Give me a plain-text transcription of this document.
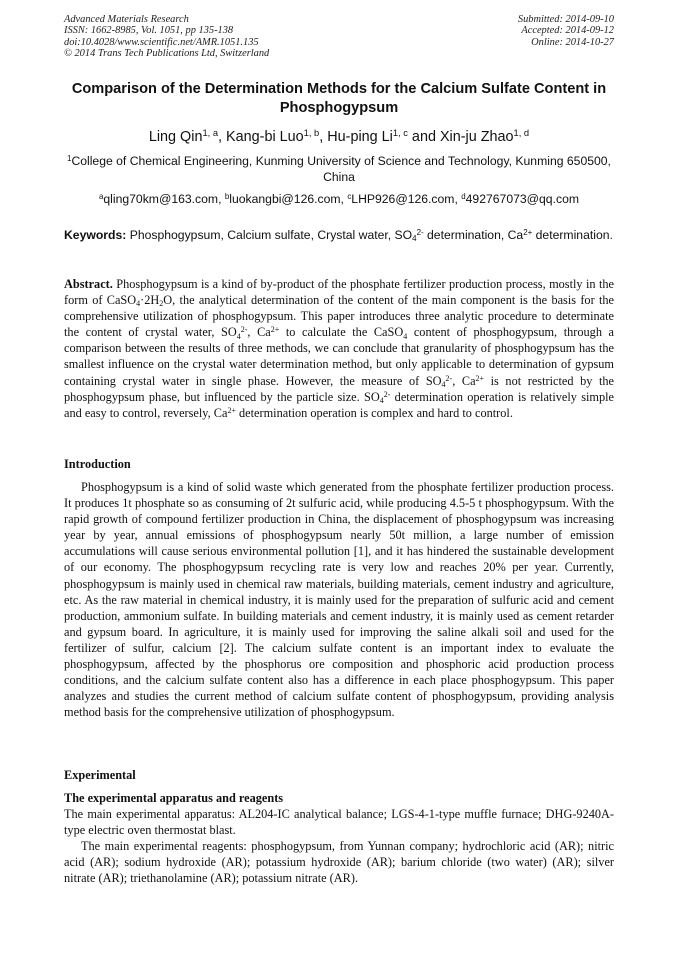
Advanced Materials Research
ISSN: 1662-8985, Vol. 1051, pp 135-138
doi:10.4028/www.scientific.net/AMR.1051.135
© 2014 Trans Tech Publications Ltd, Switzerland
Submitted: 2014-09-10
Accepted: 2014-09-12
Online: 2014-10-27
Comparison of the Determination Methods for the Calcium Sulfate Content in Phosphogypsum
Ling Qin$^{1, a}$, Kang-bi Luo$^{1, b}$, Hu-ping Li$^{1, c}$ and Xin-ju Zhao$^{1, d}$
$^1$College of Chemical Engineering, Kunming University of Science and Technology, Kunming 650500, China
$^a$qling70km@163.com, $^b$luokangbi@126.com, $^c$LHP926@126.com, $^d$492767073@qq.com
Keywords: Phosphogypsum, Calcium sulfate, Crystal water, $SO_4^{2-}$ determination, $Ca^{2+}$ determination.
Abstract. Phosphogypsum is a kind of by-product of the phosphate fertilizer production process, mostly in the form of $CaSO_4\cdot 2H_2O$, the analytical determination of the content of the main component is the basis for the comprehensive utilization of phosphogypsum. This paper introduces three analytic procedure to determinate the content of crystal water, $SO_4^{2-}$, $Ca^{2+}$ to calculate the CaSO$_4$ content of phosphogypsum, through a comparison between the results of three methods, we can conclude that granularity of phosphogypsum has the smallest influence on the crystal water determination method, but only applicable to determination of gypsum containing crystal water in single phase. However, the measure of $SO_4^{2-}$, $Ca^{2+}$ is not restricted by the phosphogypsum phase, but influenced by the particle size. $SO_4^{2-}$ determination operation is relatively simple and easy to control, reversely, $Ca^{2+}$ determination operation is complex and hard to control.
Introduction
Phosphogypsum is a kind of solid waste which generated from the phosphate fertilizer production process. It produces 1t phosphate so as consuming of 2t sulfuric acid, while producing 4.5-5 t phosphogypsum. With the rapid growth of compound fertilizer production in China, the displacement of phosphogypsum was increasing year by year, annual emissions of phosphogypsum nearly 50t million, a large number of emission accumulations will cause serious environmental pollution [1], and it has hindered the sustainable development of our economy. The phosphogypsum recycling rate is very low and reaches 20% per year. Currently, phosphogypsum is mainly used in chemical raw materials, building materials, cement industry and agriculture, etc. As the raw material in chemical industry, it is mainly used for the preparation of sulfuric acid and cement production, ammonium sulfate. In building materials and cement industry, it is mainly used as cement retarder and gypsum board. In agriculture, it is mainly used for improving the saline alkali soil and used for the fertilizer of sulfur, calcium [2]. The calcium sulfate content is an important index to evaluate the phosphogypsum, affected by the phosphorus ore composition and phosphoric acid production process conditions, and the calcium sulfate content also has a difference in each place phosphogypsum. This paper analyzes and studies the current method of calcium sulfate content of phosphogypsum, providing analysis method basis for the comprehensive utilization of phosphogypsum.
Experimental
The experimental apparatus and reagents
The main experimental apparatus: AL204-IC analytical balance; LGS-4-1-type muffle furnace; DHG-9240A-type electric oven thermostat blast.
The main experimental reagents: phosphogypsum, from Yunnan company; hydrochloric acid (AR); nitric acid (AR); sodium hydroxide (AR); potassium hydroxide (AR); barium chloride (two water) (AR); silver nitrate (AR); triethanolamine (AR); potassium nitrate (AR).
